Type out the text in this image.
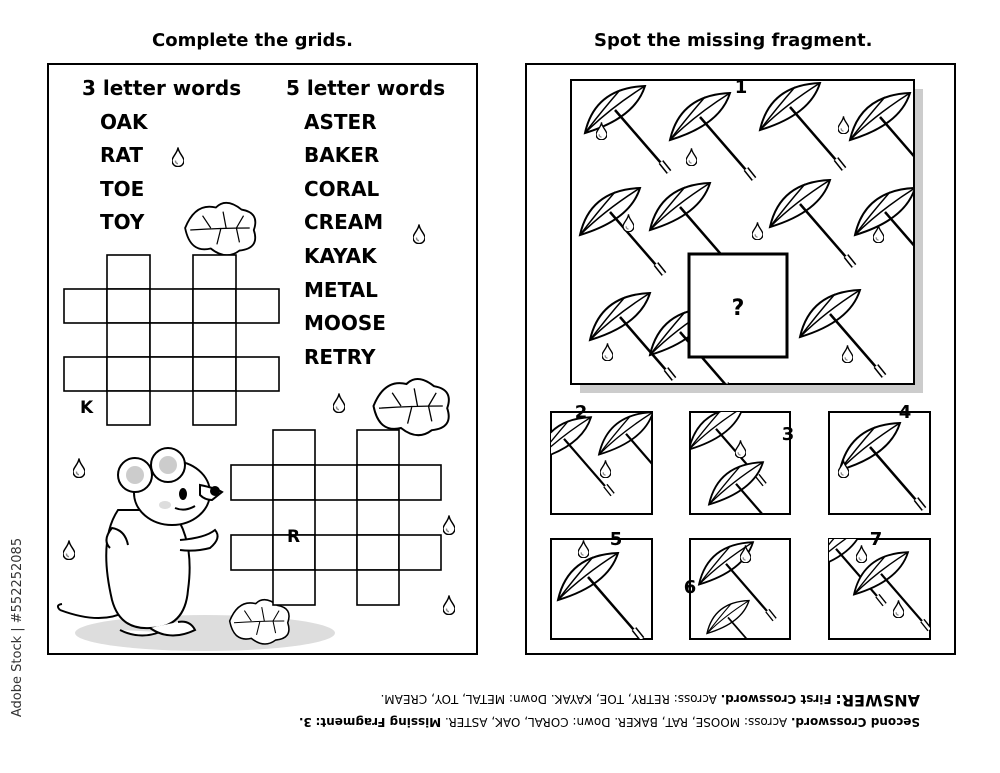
Complete the grids.	Spot the missing fragment.
3 letter words
OAK
RAT
TOE
TOY
5 letter words
ASTER
BAKER
CORAL
CREAM
KAYAK
METAL
MOOSE
RETRY
K
R
?
1
2
3
4
5
6
7
Adobe Stock | #552252085
Second Crossword. Across: MOOSE, RAT, BAKER. Down: CORAL, OAK, ASTER. Missing Fragment: 3.
ANSWER: First Crossword. Across: RETRY, TOE, KAYAK. Down: METAL, TOY, CREAM.
